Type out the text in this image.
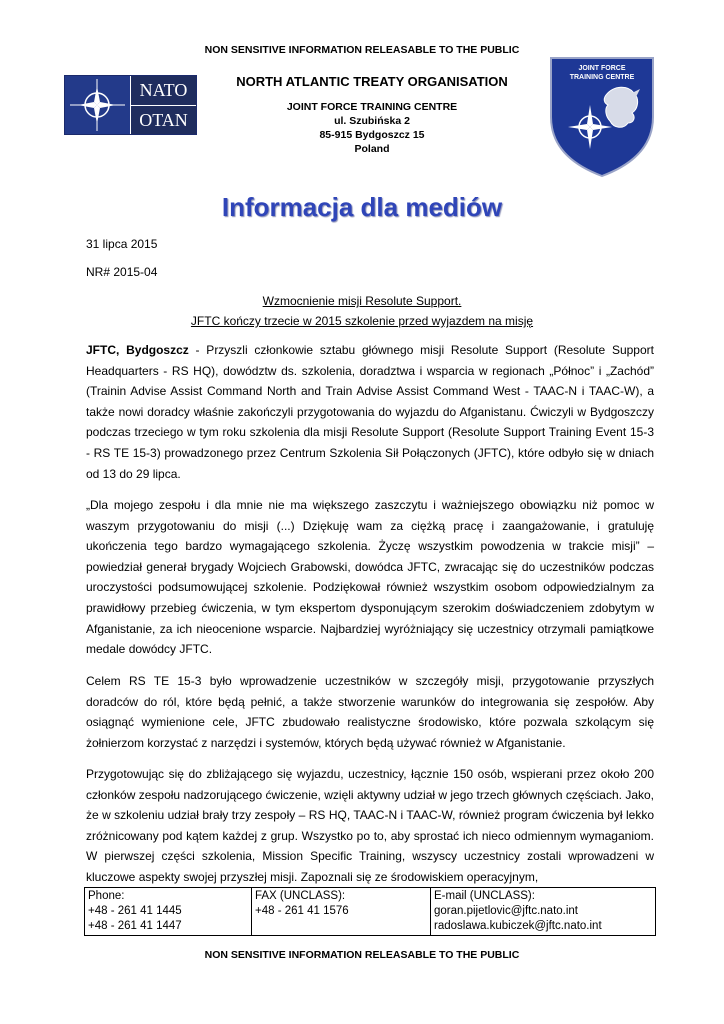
NON SENSITIVE INFORMATION RELEASABLE TO THE PUBLIC
NATO
OTAN
NORTH ATLANTIC TREATY ORGANISATION
JOINT FORCE TRAINING CENTRE
ul. Szubińska 2
85-915 Bydgoszcz 15
Poland
JOINT FORCE
TRAINING CENTRE
Informacja dla mediów
31 lipca 2015
NR# 2015-04
Wzmocnienie misji Resolute Support.
JFTC kończy trzecie w 2015 szkolenie przed wyjazdem na misję

JFTC, Bydgoszcz - Przyszli członkowie sztabu głównego misji Resolute Support (Resolute Support Headquarters - RS HQ), dowództw ds. szkolenia, doradztwa i wsparcia w regionach „Północ” i „Zachód” (Trainin Advise Assist Command North and Train Advise Assist Command West - TAAC-N i TAAC-W), a także nowi doradcy właśnie zakończyli przygotowania do wyjazdu do Afganistanu. Ćwiczyli w Bydgoszczy podczas trzeciego w tym roku szkolenia dla misji Resolute Support (Resolute Support Training Event 15-3 - RS TE 15-3) prowadzonego przez Centrum Szkolenia Sił Połączonych (JFTC), które odbyło się w dniach od 13 do 29 lipca.

„Dla mojego zespołu i dla mnie nie ma większego zaszczytu i ważniejszego obowiązku niż pomoc w waszym przygotowaniu do misji (...) Dziękuję wam za ciężką pracę i zaangażowanie, i gratuluję ukończenia tego bardzo wymagającego szkolenia. Życzę wszystkim powodzenia w trakcie misji” – powiedział generał brygady Wojciech Grabowski, dowódca JFTC, zwracając się do uczestników podczas uroczystości podsumowującej szkolenie. Podziękował również wszystkim osobom odpowiedzialnym za prawidłowy przebieg ćwiczenia, w tym ekspertom dysponującym szerokim doświadczeniem zdobytym w Afganistanie, za ich nieocenione wsparcie. Najbardziej wyróżniający się uczestnicy otrzymali pamiątkowe medale dowódcy JFTC.

Celem RS TE 15-3 było wprowadzenie uczestników w szczegóły misji, przygotowanie przyszłych doradców do ról, które będą pełnić, a także stworzenie warunków do integrowania się zespołów. Aby osiągnąć wymienione cele, JFTC zbudowało realistyczne środowisko, które pozwala szkolącym się żołnierzom korzystać z narzędzi i systemów, których będą używać również w Afganistanie.

Przygotowując się do zbliżającego się wyjazdu, uczestnicy, łącznie 150 osób, wspierani przez około 200 członków zespołu nadzorującego ćwiczenie, wzięli aktywny udział w jego trzech głównych częściach. Jako, że w szkoleniu udział brały trzy zespoły – RS HQ, TAAC-N i TAAC-W, również program ćwiczenia był lekko zróżnicowany pod kątem każdej z grup. Wszystko po to, aby sprostać ich nieco odmiennym wymaganiom. W pierwszej części szkolenia, Mission Specific Training, wszyscy uczestnicy zostali wprowadzeni w kluczowe aspekty swojej przyszłej misji. Zapoznali się ze środowiskiem operacyjnym,

Phone:
+48 - 261 41 1445
+48 - 261 41 1447

FAX (UNCLASS):
+48 - 261 41 1576

E-mail (UNCLASS):
goran.pijetlovic@jftc.nato.int
radoslawa.kubiczek@jftc.nato.int
NON SENSITIVE INFORMATION RELEASABLE TO THE PUBLIC
